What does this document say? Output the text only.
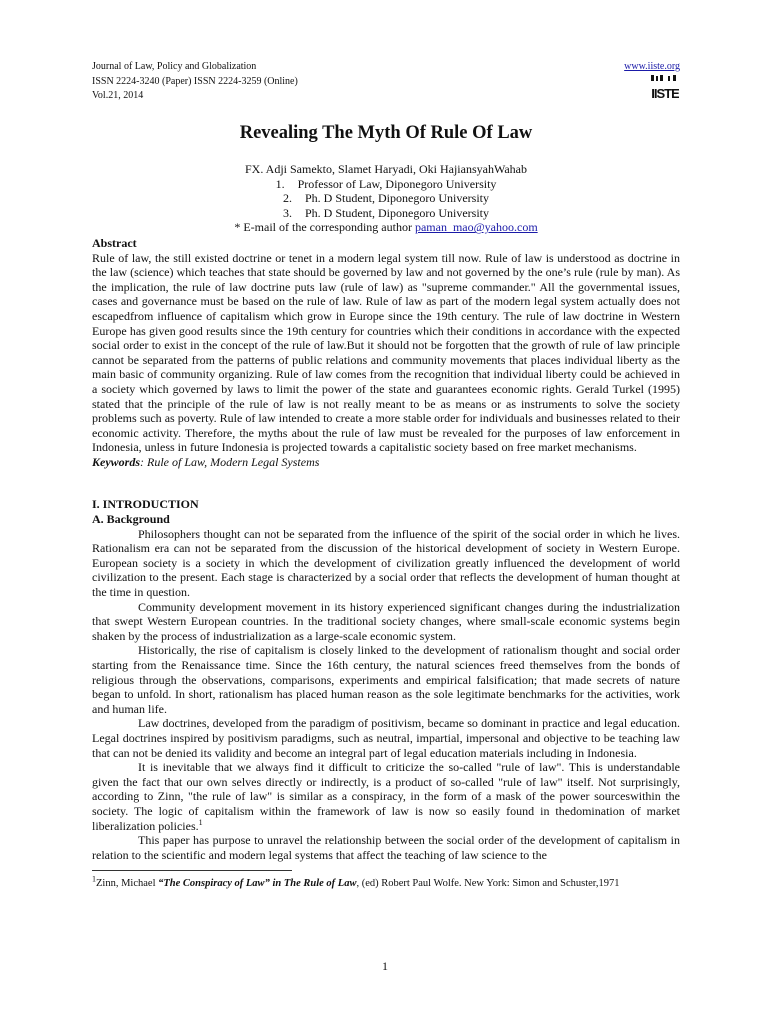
Journal of Law, Policy and Globalization
ISSN 2224-3240 (Paper) ISSN 2224-3259 (Online)
Vol.21, 2014
www.iiste.org
IISTE
Revealing The Myth Of Rule Of Law
FX. Adji Samekto, Slamet Haryadi, Oki HajiansyahWahab
1. Professor of Law, Diponegoro University
2. Ph. D Student, Diponegoro University
3. Ph. D Student, Diponegoro University
* E-mail of the corresponding author paman_mao@yahoo.com
Abstract

Rule of law, the still existed doctrine or tenet in a modern legal system till now. Rule of law is understood as doctrine in the law (science) which teaches that state should be governed by law and not governed by the one’s rule (rule by man). As the implication, the rule of law doctrine puts law (rule of law) as "supreme commander." All the governmental issues, cases and governance must be based on the rule of law. Rule of law as part of the modern legal system actually does not escapedfrom influence of capitalism which grow in Europe since the 19th century. The rule of law doctrine in Western Europe has given good results since the 19th century for countries which their conditions in accordance with the expected social order to exist in the concept of the rule of law.But it should not be forgotten that the growth of rule of law principle cannot be separated from the patterns of public relations and community movements that places individual liberty as the main basic of community organizing. Rule of law comes from the recognition that individual liberty could be achieved in a society which governed by laws to limit the power of the state and guarantees economic rights. Gerald Turkel (1995) stated that the principle of the rule of law is not really meant to be as means or as instruments to solve the society problems such as poverty. Rule of law intended to create a more stable order for individuals and businesses related to their economic activity. Therefore, the myths about the rule of law must be revealed for the purposes of law enforcement in Indonesia, unless in future Indonesia is projected towards a capitalistic society based on free market mechanisms.

Keywords: Rule of Law, Modern Legal Systems
I. INTRODUCTION
A. Background

Philosophers thought can not be separated from the influence of the spirit of the social order in which he lives. Rationalism era can not be separated from the discussion of the historical development of society in Western Europe. European society is a society in which the development of civilization greatly influenced the development of world civilization to the present. Each stage is characterized by a social order that reflects the development of human thought at the time in question.

Community development movement in its history experienced significant changes during the industrialization that swept Western European countries. In the traditional society changes, where small-scale economic systems begin shaken by the process of industrialization as a large-scale economic system.

Historically, the rise of capitalism is closely linked to the development of rationalism thought and social order starting from the Renaissance time. Since the 16th century, the natural sciences freed themselves from the bonds of religious through the observations, comparisons, experiments and empirical falsification; that made secrets of nature began to unfold. In short, rationalism has placed human reason as the sole legitimate benchmarks for the activities, work and human life.

Law doctrines, developed from the paradigm of positivism, became so dominant in practice and legal education. Legal doctrines inspired by positivism paradigms, such as neutral, impartial, impersonal and objective to be teaching law that can not be denied its validity and become an integral part of legal education materials including in Indonesia.

It is inevitable that we always find it difficult to criticize the so-called "rule of law". This is understandable given the fact that our own selves directly or indirectly, is a product of so-called "rule of law" itself. Not surprisingly, according to Zinn, "the rule of law" is similar as a conspiracy, in the form of a mask of the power sourceswithin the society. The logic of capitalism within the framework of law is now so easily found in thedomination of market liberalization policies.$^1$

This paper has purpose to unravel the relationship between the social order of the development of capitalism in relation to the scientific and modern legal systems that affect the teaching of law science to the

$^1$Zinn, Michael “The Conspiracy of Law” in The Rule of Law, (ed) Robert Paul Wolfe. New York: Simon and Schuster,1971
1
